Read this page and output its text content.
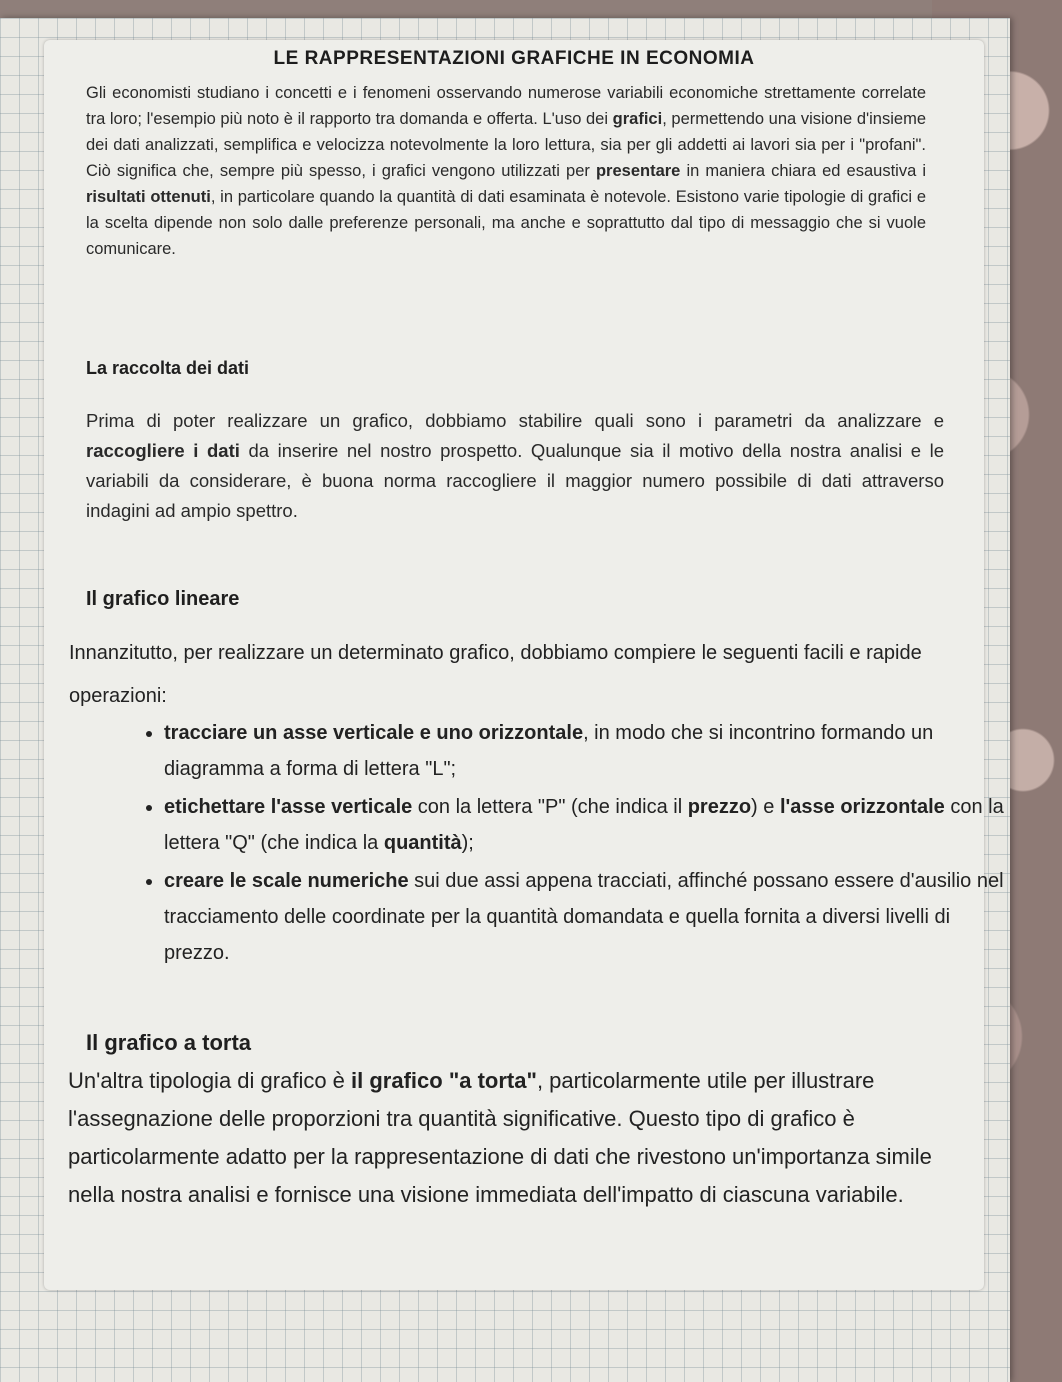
LE RAPPRESENTAZIONI GRAFICHE IN ECONOMIA

Gli economisti studiano i concetti e i fenomeni osservando numerose variabili economiche strettamente correlate tra loro; l'esempio più noto è il rapporto tra domanda e offerta. L'uso dei grafici, permettendo una visione d'insieme dei dati analizzati, semplifica e velocizza notevolmente la loro lettura, sia per gli addetti ai lavori sia per i "profani". Ciò significa che, sempre più spesso, i grafici vengono utilizzati per presentare in maniera chiara ed esaustiva i risultati ottenuti, in particolare quando la quantità di dati esaminata è notevole. Esistono varie tipologie di grafici e la scelta dipende non solo dalle preferenze personali, ma anche e soprattutto dal tipo di messaggio che si vuole comunicare.

La raccolta dei dati

Prima di poter realizzare un grafico, dobbiamo stabilire quali sono i parametri da analizzare e raccogliere i dati da inserire nel nostro prospetto. Qualunque sia il motivo della nostra analisi e le variabili da considerare, è buona norma raccogliere il maggior numero possibile di dati attraverso indagini ad ampio spettro.

Il grafico lineare

Innanzitutto, per realizzare un determinato grafico, dobbiamo compiere le seguenti facili e rapide operazioni:

• tracciare un asse verticale e uno orizzontale, in modo che si incontrino formando un diagramma a forma di lettera "L";
• etichettare l'asse verticale con la lettera "P" (che indica il prezzo) e l'asse orizzontale con la lettera "Q" (che indica la quantità);
• creare le scale numeriche sui due assi appena tracciati, affinché possano essere d'ausilio nel tracciamento delle coordinate per la quantità domandata e quella fornita a diversi livelli di prezzo.
Il grafico a torta

Un'altra tipologia di grafico è il grafico "a torta", particolarmente utile per illustrare l'assegnazione delle proporzioni tra quantità significative. Questo tipo di grafico è particolarmente adatto per la rappresentazione di dati che rivestono un'importanza simile nella nostra analisi e fornisce una visione immediata dell'impatto di ciascuna variabile.
